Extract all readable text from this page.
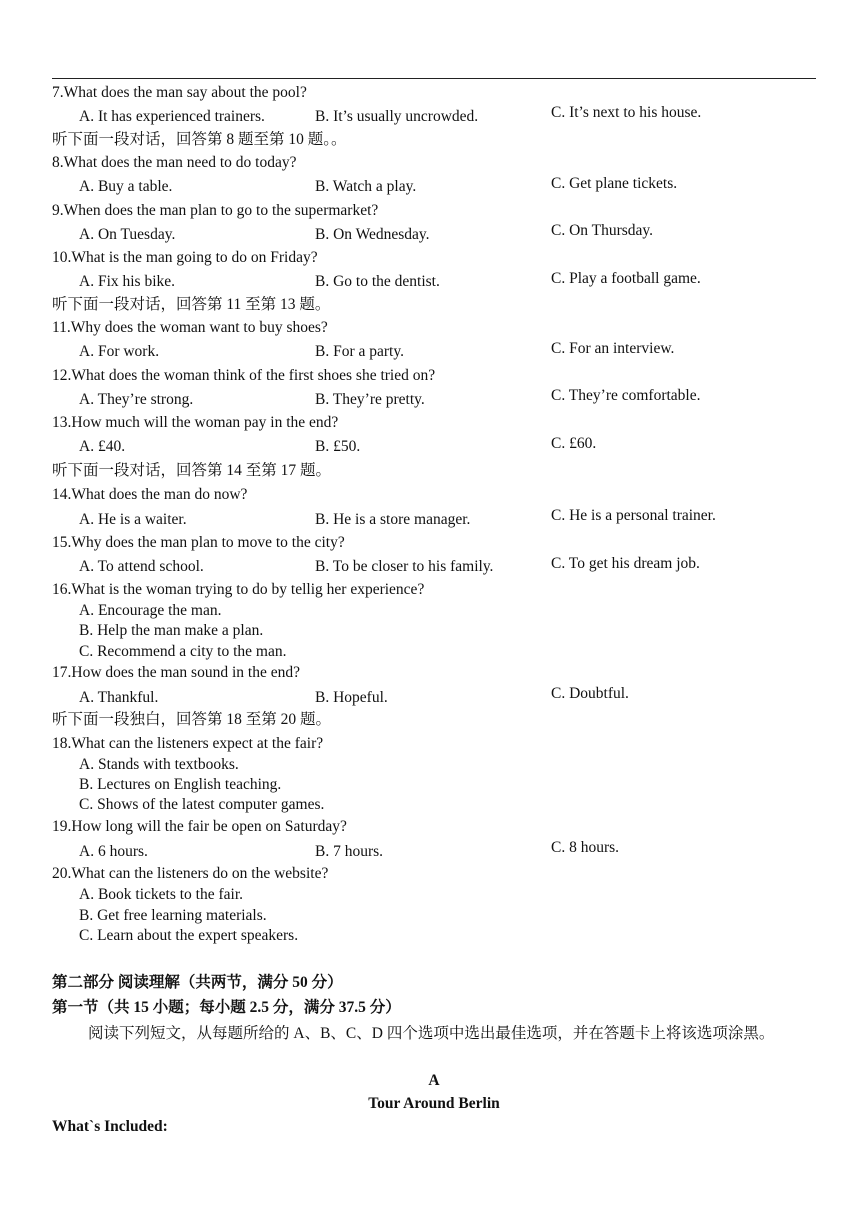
7.What does the man say about the pool?
A. It has experienced trainers.	B. It’s usually uncrowded.	C. It’s next to his house.
听下面一段对话，回答第 8 题至第 10 题。。
8.What does the man need to do today?
A. Buy a table.	B. Watch a play.	C. Get plane tickets.
9.When does the man plan to go to the supermarket?
A. On Tuesday.	B. On Wednesday.	C. On Thursday.
10.What is the man going to do on Friday?
A. Fix his bike.	B. Go to the dentist.	C. Play a football game.
听下面一段对话，回答第 11 至第 13 题。
11.Why does the woman want to buy shoes?
A. For work.	B. For a party.	C. For an interview.
12.What does the woman think of the first shoes she tried on?
A. They’re strong.	B. They’re pretty.	C. They’re comfortable.
13.How much will the woman pay in the end?
A. £40.	B. £50.	C. £60.
听下面一段对话，回答第 14 至第 17 题。
14.What does the man do now?
A. He is a waiter.	B. He is a store manager.	C. He is a personal trainer.
15.Why does the man plan to move to the city?
A. To attend school.	B. To be closer to his family.	C. To get his dream job.
16.What is the woman trying to do by tellig her experience?
A. Encourage the man.
B. Help the man make a plan.
C. Recommend a city to the man.
17.How does the man sound in the end?
A. Thankful.	B. Hopeful.	C. Doubtful.
听下面一段独白，回答第 18 至第 20 题。
18.What can the listeners expect at the fair?
A. Stands with textbooks.
B. Lectures on English teaching.
C. Shows of the latest computer games.
19.How long will the fair be open on Saturday?
A. 6 hours.	B. 7 hours.	C. 8 hours.
20.What can the listeners do on the website?
A. Book tickets to the fair.
B. Get free learning materials.
C. Learn about the expert speakers.
第二部分 阅读理解（共两节，满分 50 分）
第一节（共 15 小题；每小题 2.5 分，满分 37.5 分）
阅读下列短文，从每题所给的 A、B、C、D 四个选项中选出最佳选项，并在答题卡上将该选项涂黑。
A
Tour Around Berlin
What`s Included:
